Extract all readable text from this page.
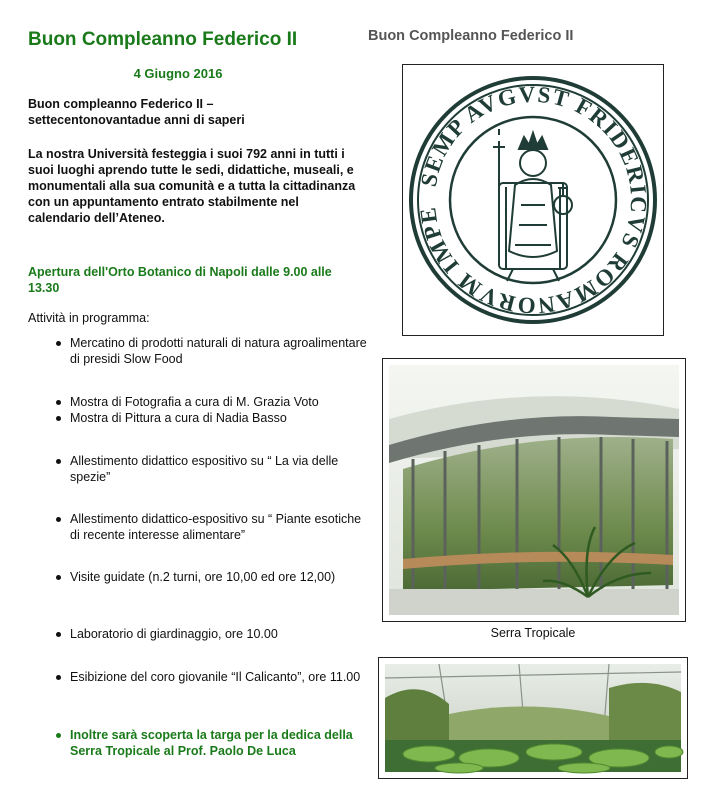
Buon Compleanno Federico II
4 Giugno 2016
Buon compleanno Federico II – settecentonovantadue anni di saperi
La nostra Università festeggia i suoi 792 anni in tutti i suoi luoghi aprendo tutte le sedi, didattiche, museali, e monumentali alla sua comunità e a tutta la cittadinanza con un appuntamento entrato stabilmente nel calendario dell’Ateneo.
Apertura dell'Orto Botanico di Napoli dalle 9.00 alle 13.30
Attività in programma:
Mercatino di prodotti naturali di natura agroalimentare di presidi Slow Food
Mostra di Fotografia a cura di M. Grazia Voto
Mostra di Pittura a cura di Nadia Basso
Allestimento didattico espositivo su “ La via delle spezie”
Allestimento didattico-espositivo su “ Piante esotiche di recente interesse alimentare”
Visite guidate (n.2 turni, ore 10,00 ed ore 12,00)
Laboratorio di giardinaggio, ore 10.00
Esibizione del coro giovanile “Il Calicanto”, ore 11.00
Inoltre sarà scoperta la targa per la dedica della Serra Tropicale al Prof. Paolo De Luca
Buon Compleanno Federico II
SEMP AVGVST FRIDERICVS ROMANORVM IMPE
Serra Tropicale
